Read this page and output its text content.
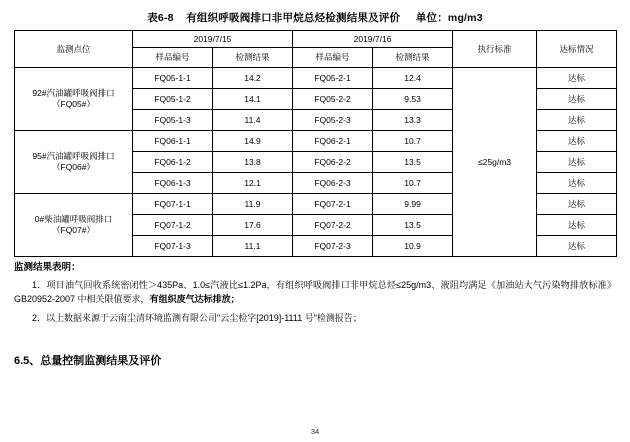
表6-8 有组织呼吸阀排口非甲烷总烃检测结果及评价 单位：mg/m3
监测点位	2019/7/15		2019/7/16		执行标准	达标情况
	样品编号	检测结果	样品编号	检测结果		
92#汽油罐呼吸阀排口（FQ05#）	FQ05-1-1	14.2	FQ05-2-1	12.4	≤25g/m3	达标
	FQ05-1-2	14.1	FQ05-2-2	9.53		达标
	FQ05-1-3	11.4	FQ05-2-3	13.3		达标
95#汽油罐呼吸阀排口（FQ06#）	FQ06-1-1	14.9	FQ06-2-1	10.7		达标
	FQ06-1-2	13.8	FQ06-2-2	13.5		达标
	FQ06-1-3	12.1	FQ06-2-3	10.7		达标
0#柴油罐呼吸阀排口（FQ07#）	FQ07-1-1	11.9	FQ07-2-1	9.99		达标
	FQ07-1-2	17.6	FQ07-2-2	13.5		达标
	FQ07-1-3	11.1	FQ07-2-3	10.9		达标
监测结果表明：
1．项目油气回收系统密闭性＞435Pa、1.0≤汽液比≤1.2Pa，有组织呼吸阀排口非甲烷总烃≤25g/m3、液阻均满足《加油站大气污染物排放标准》GB20952-2007 中相关限值要求，有组织废气达标排放；
2．以上数据来源于云南尘清环境监测有限公司"云尘检字[2019]-1111 号"检测报告；
6.5、总量控制监测结果及评价
34
